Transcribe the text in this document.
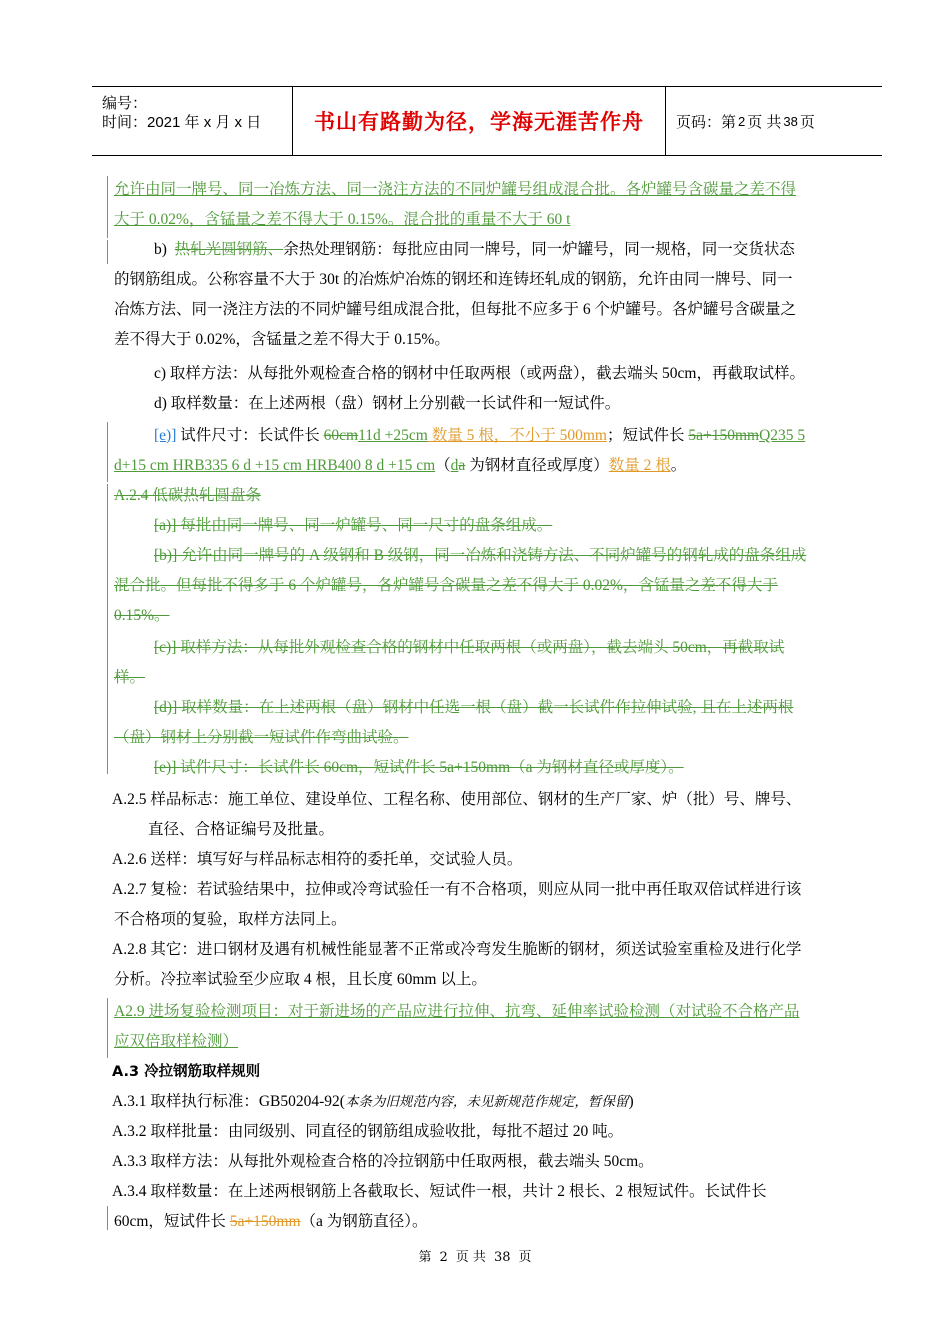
编号：
时间：2021 年 x 月 x 日	书山有路勤为径，学海无涯苦作舟	页码：第 2 页 共 38 页
允许由同一牌号、同一冶炼方法、同一浇注方法的不同炉罐号组成混合批。各炉罐号含碳量之差不得
大于 0.02%，含锰量之差不得大于 0.15%。混合批的重量不大于 60 t
b) 热轧光圆钢筋、余热处理钢筋：每批应由同一牌号，同一炉罐号，同一规格，同一交货状态
的钢筋组成。公称容量不大于 30t 的冶炼炉冶炼的钢坯和连铸坯轧成的钢筋，允许由同一牌号、同一
冶炼方法、同一浇注方法的不同炉罐号组成混合批，但每批不应多于 6 个炉罐号。各炉罐号含碳量之
差不得大于 0.02%，含锰量之差不得大于 0.15%。
c) 取样方法：从每批外观检查合格的钢材中任取两根（或两盘），截去端头 50cm，再截取试样。
d) 取样数量：在上述两根（盘）钢材上分别截一长试件和一短试件。
[e)] 试件尺寸：长试件长 60cm11d +25cm 数量 5 根，不小于 500mm；短试件长 5a+150mmQ235 5
d+15 cm HRB335 6 d +15 cm HRB400 8 d +15 cm（da 为钢材直径或厚度）数量 2 根。
A.2.4 低碳热轧圆盘条
[a)] 每批由同一牌号、同一炉罐号、同一尺寸的盘条组成。
[b)] 允许由同一牌号的 A 级钢和 B 级钢，同一冶炼和浇铸方法、不同炉罐号的钢轧成的盘条组成
混合批。但每批不得多于 6 个炉罐号，各炉罐号含碳量之差不得大于 0.02%，含锰量之差不得大于
0.15%。
[c)] 取样方法：从每批外观检查合格的钢材中任取两根（或两盘），截去端头 50cm，再截取试
样。
[d)] 取样数量：在上述两根（盘）钢材中任选一根（盘）截一长试件作拉伸试验, 且在上述两根
（盘）钢材上分别截一短试件作弯曲试验。
[e)] 试件尺寸：长试件长 60cm，短试件长 5a+150mm（a 为钢材直径或厚度）。
A.2.5 样品标志：施工单位、建设单位、工程名称、使用部位、钢材的生产厂家、炉（批）号、牌号、
直径、合格证编号及批量。
A.2.6 送样：填写好与样品标志相符的委托单，交试验人员。
A.2.7 复检：若试验结果中，拉伸或冷弯试验任一有不合格项，则应从同一批中再任取双倍试样进行该
不合格项的复验，取样方法同上。
A.2.8 其它：进口钢材及遇有机械性能显著不正常或冷弯发生脆断的钢材，须送试验室重检及进行化学
分析。冷拉率试验至少应取 4 根，且长度 60mm 以上。
A2.9 进场复验检测项目：对于新进场的产品应进行拉伸、抗弯、延伸率试验检测（对试验不合格产品
应双倍取样检测）
A.3 冷拉钢筋取样规则
A.3.1 取样执行标准：GB50204-92(本条为旧规范内容，未见新规范作规定，暂保留)
A.3.2 取样批量：由同级别、同直径的钢筋组成验收批，每批不超过 20 吨。
A.3.3 取样方法：从每批外观检查合格的冷拉钢筋中任取两根，截去端头 50cm。
A.3.4 取样数量：在上述两根钢筋上各截取长、短试件一根，共计 2 根长、2 根短试件。长试件长
60cm，短试件长 5a+150mm（a 为钢筋直径）。
第 2 页 共 38 页
